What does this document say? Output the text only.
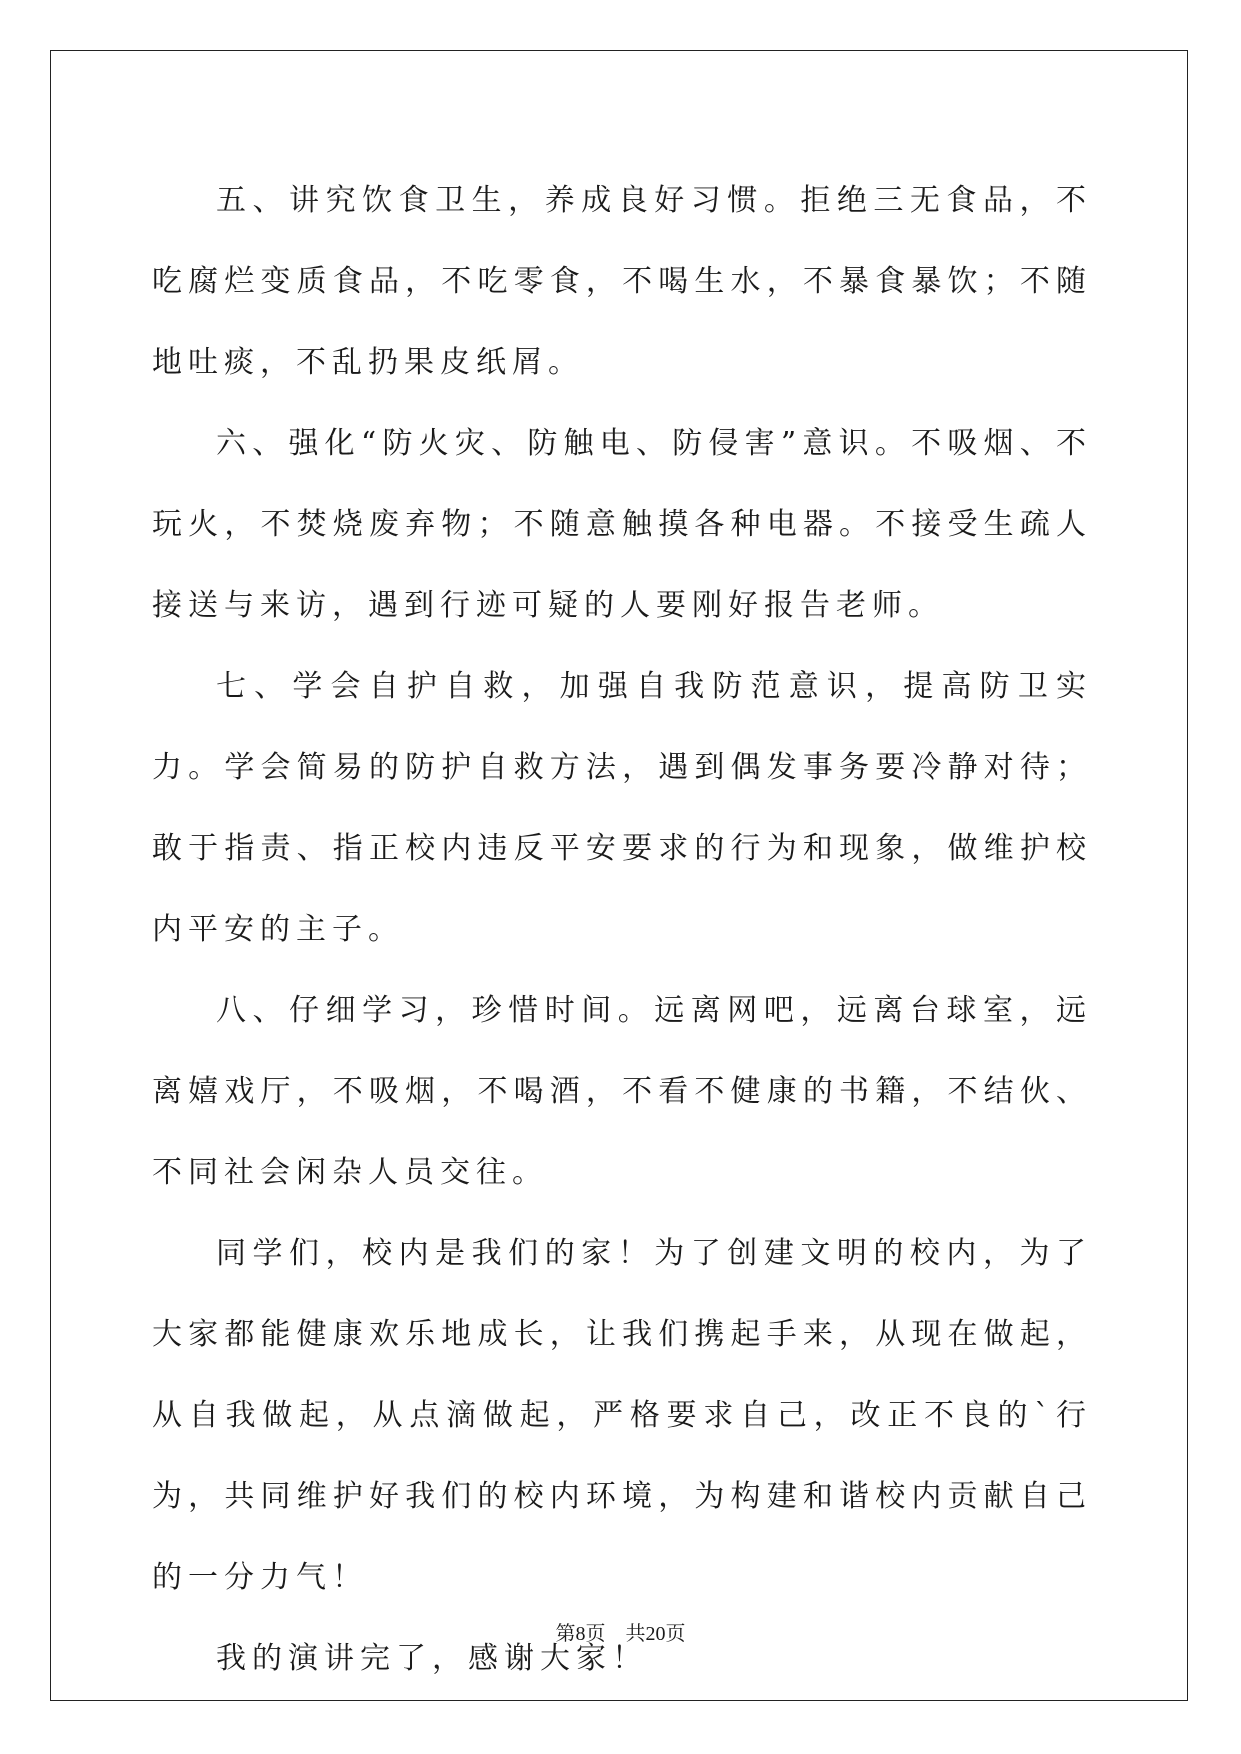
五、讲究饮食卫生，养成良好习惯。拒绝三无食品，不吃腐烂变质食品，不吃零食，不喝生水，不暴食暴饮；不随地吐痰，不乱扔果皮纸屑。

六、强化“防火灾、防触电、防侵害”意识。不吸烟、不玩火，不焚烧废弃物；不随意触摸各种电器。不接受生疏人接送与来访，遇到行迹可疑的人要刚好报告老师。

七、学会自护自救，加强自我防范意识，提高防卫实力。学会简易的防护自救方法，遇到偶发事务要冷静对待；敢于指责、指正校内违反平安要求的行为和现象，做维护校内平安的主子。

八、仔细学习，珍惜时间。远离网吧，远离台球室，远离嬉戏厅，不吸烟，不喝酒，不看不健康的书籍，不结伙、不同社会闲杂人员交往。

同学们，校内是我们的家！为了创建文明的校内，为了大家都能健康欢乐地成长，让我们携起手来，从现在做起，从自我做起，从点滴做起，严格要求自己，改正不良的`行为，共同维护好我们的校内环境，为构建和谐校内贡献自己的一分力气！

我的演讲完了，感谢大家！

第8页　共20页
